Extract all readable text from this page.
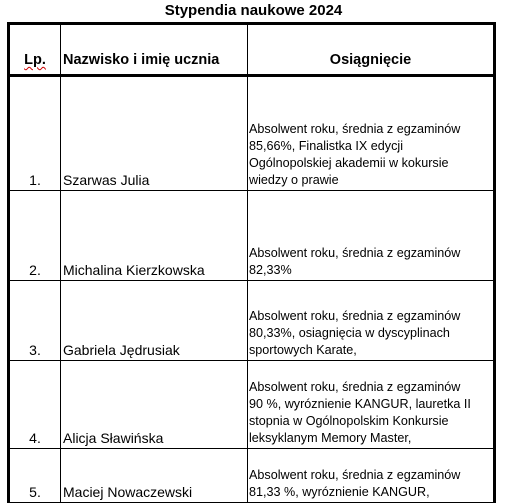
Stypendia naukowe 2024
Lp.	Nazwisko i imię ucznia	Osiągnięcie

1.	Szarwas Julia	Absolwent roku, średnia z egzaminów
85,66%, Finalistka IX edycji
Ogólnopolskiej akademii w kokursie
wiedzy o prawie

2.	Michalina Kierzkowska	Absolwent roku, średnia z egzaminów
82,33%

3.	Gabriela Jędrusiak	Absolwent roku, średnia z egzaminów
80,33%, osiagnięcia w dyscyplinach
sportowych Karate,

4.	Alicja Sławińska	Absolwent roku, średnia z egzaminów
90 %, wyróznienie KANGUR, lauretka II
stopnia w Ogólnopolskim Konkursie
leksyklanym Memory Master,

5.	Maciej Nowaczewski	Absolwent roku, średnia z egzaminów
81,33 %, wyróznienie KANGUR,
